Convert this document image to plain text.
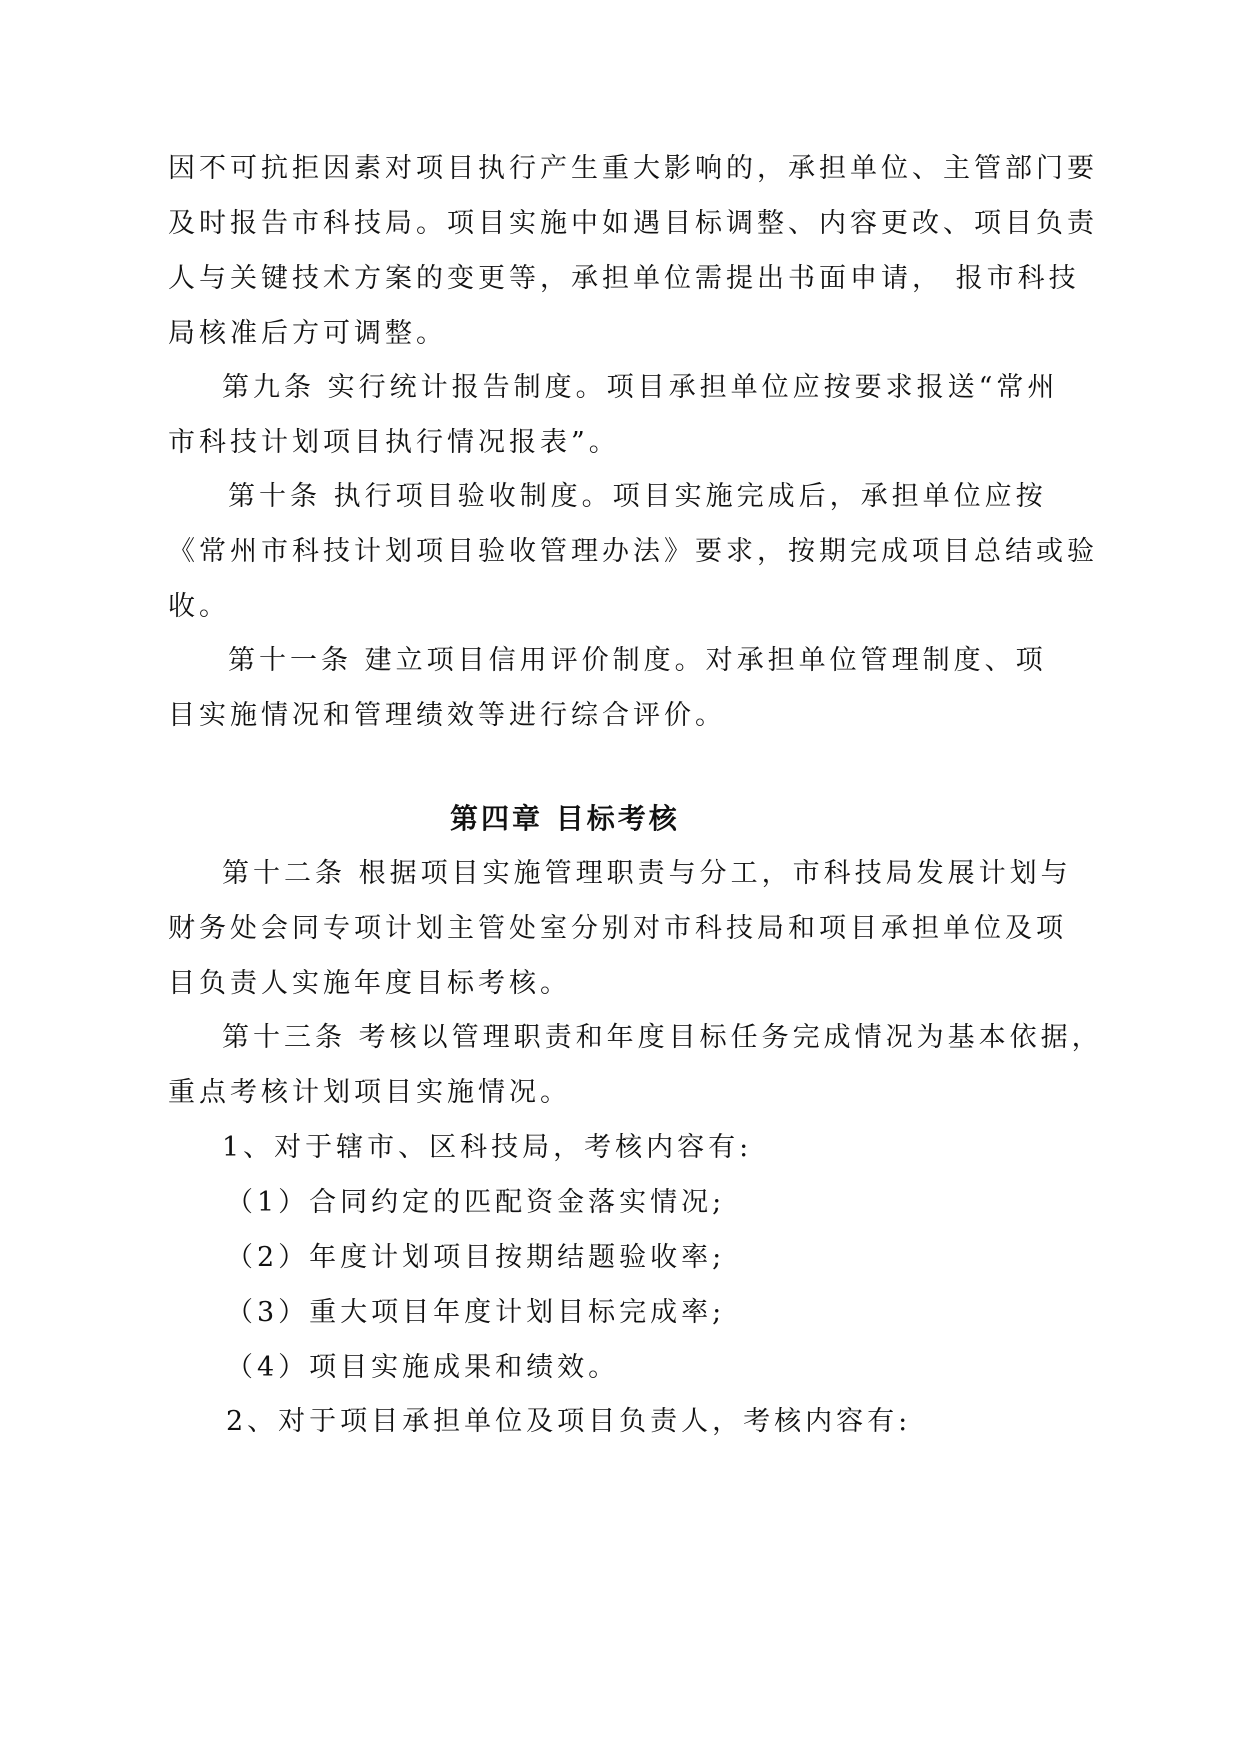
因不可抗拒因素对项目执行产生重大影响的，承担单位、主管部门要
及时报告市科技局。项目实施中如遇目标调整、内容更改、项目负责
人与关键技术方案的变更等，承担单位需提出书面申请， 报市科技
局核准后方可调整。
第九条 实行统计报告制度。项目承担单位应按要求报送“常州
市科技计划项目执行情况报表”。
第十条 执行项目验收制度。项目实施完成后，承担单位应按
《常州市科技计划项目验收管理办法》要求，按期完成项目总结或验
收。
第十一条 建立项目信用评价制度。对承担单位管理制度、项
目实施情况和管理绩效等进行综合评价。
第四章 目标考核
第十二条 根据项目实施管理职责与分工，市科技局发展计划与
财务处会同专项计划主管处室分别对市科技局和项目承担单位及项
目负责人实施年度目标考核。
第十三条 考核以管理职责和年度目标任务完成情况为基本依据，
重点考核计划项目实施情况。
1、对于辖市、区科技局，考核内容有:
（1）合同约定的匹配资金落实情况;
（2）年度计划项目按期结题验收率;
（3）重大项目年度计划目标完成率;
（4）项目实施成果和绩效。
2、对于项目承担单位及项目负责人，考核内容有:
